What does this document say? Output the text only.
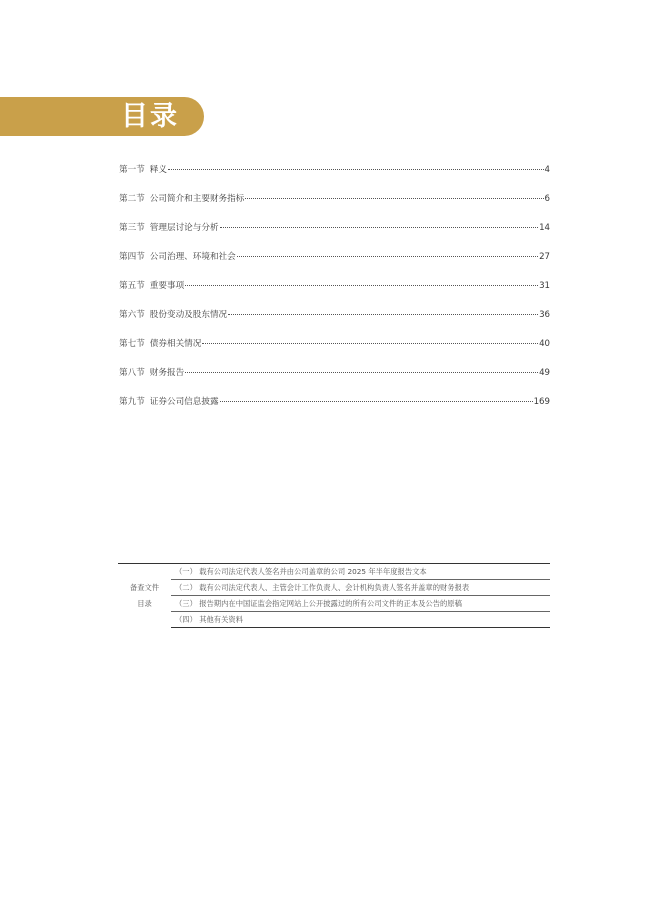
目录
第一节 释义	4
第二节 公司简介和主要财务指标	6
第三节 管理层讨论与分析	14
第四节 公司治理、环境和社会	27
第五节 重要事项	31
第六节 股份变动及股东情况	36
第七节 债券相关情况	40
第八节 财务报告	49
第九节 证券公司信息披露	169
备查文件
目录
	（一） 载有公司法定代表人签名并由公司盖章的公司 2025 年半年度报告文本
（二） 载有公司法定代表人、主管会计工作负责人、会计机构负责人签名并盖章的财务报表
（三） 报告期内在中国证监会指定网站上公开披露过的所有公司文件的正本及公告的原稿
（四） 其他有关资料
